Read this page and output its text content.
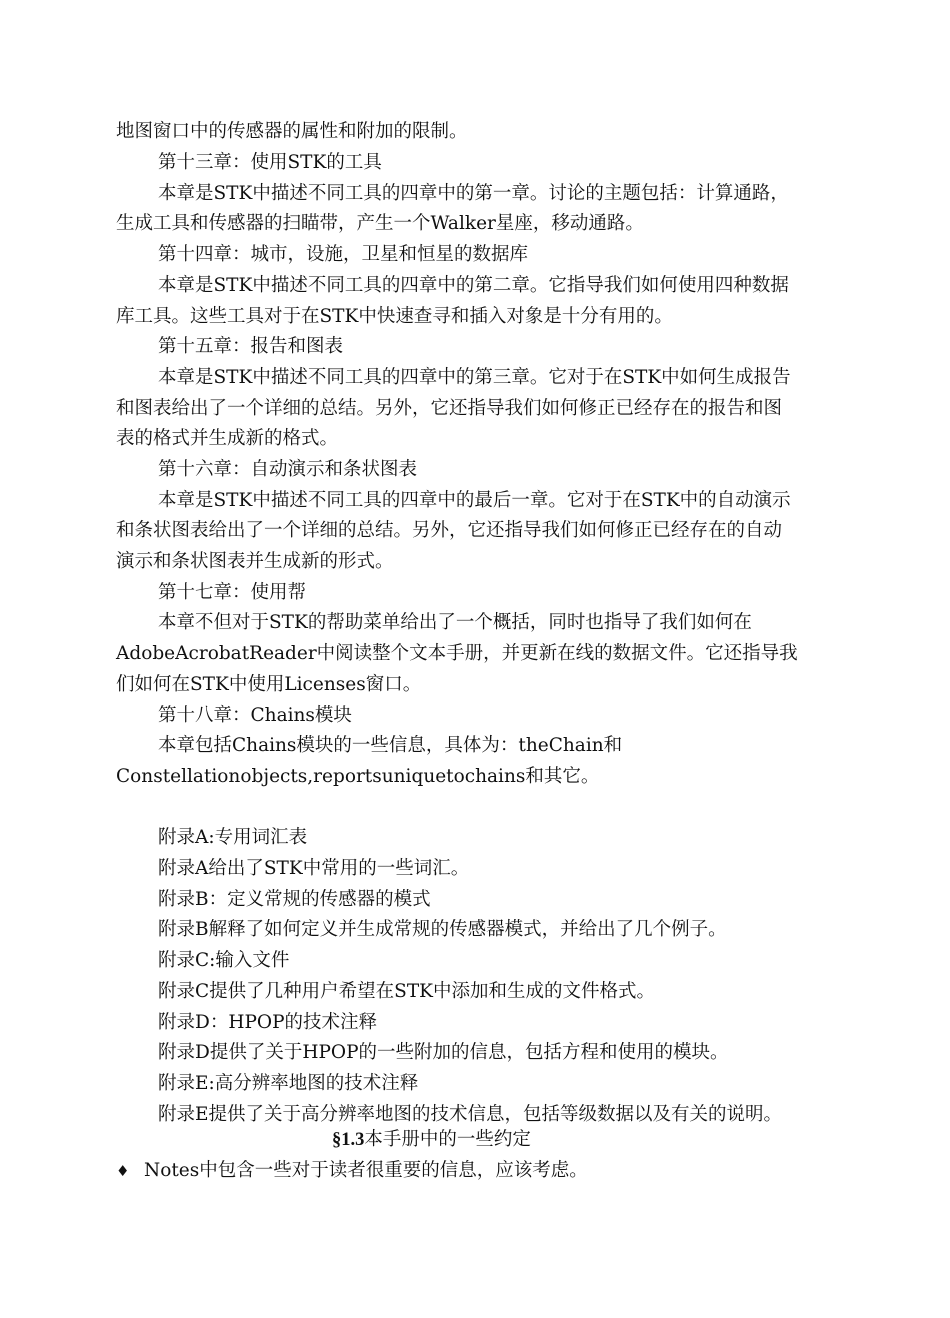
地图窗口中的传感器的属性和附加的限制。

第十三章：使用STK的工具

本章是STK中描述不同工具的四章中的第一章。讨论的主题包括：计算通路，

生成工具和传感器的扫瞄带，产生一个Walker星座，移动通路。

第十四章：城市，设施，卫星和恒星的数据库

本章是STK中描述不同工具的四章中的第二章。它指导我们如何使用四种数据

库工具。这些工具对于在STK中快速查寻和插入对象是十分有用的。

第十五章：报告和图表

本章是STK中描述不同工具的四章中的第三章。它对于在STK中如何生成报告

和图表给出了一个详细的总结。另外，它还指导我们如何修正已经存在的报告和图

表的格式并生成新的格式。

第十六章：自动演示和条状图表

本章是STK中描述不同工具的四章中的最后一章。它对于在STK中的自动演示

和条状图表给出了一个详细的总结。另外，它还指导我们如何修正已经存在的自动

演示和条状图表并生成新的形式。

第十七章：使用帮

本章不但对于STK的帮助菜单给出了一个概括，同时也指导了我们如何在

AdobeAcrobatReader中阅读整个文本手册，并更新在线的数据文件。它还指导我

们如何在STK中使用Licenses窗口。

第十八章：Chains模块

本章包括Chains模块的一些信息，具体为：theChain和

Constellationobjects,reportsuniquetochains和其它。

附录A:专用词汇表

附录A给出了STK中常用的一些词汇。

附录B：定义常规的传感器的模式

附录B解释了如何定义并生成常规的传感器模式，并给出了几个例子。

附录C:输入文件

附录C提供了几种用户希望在STK中添加和生成的文件格式。

附录D：HPOP的技术注释

附录D提供了关于HPOP的一些附加的信息，包括方程和使用的模块。

附录E:高分辨率地图的技术注释

附录E提供了关于高分辨率地图的技术信息，包括等级数据以及有关的说明。

§1.3本手册中的一些约定

♦ Notes中包含一些对于读者很重要的信息，应该考虑。
